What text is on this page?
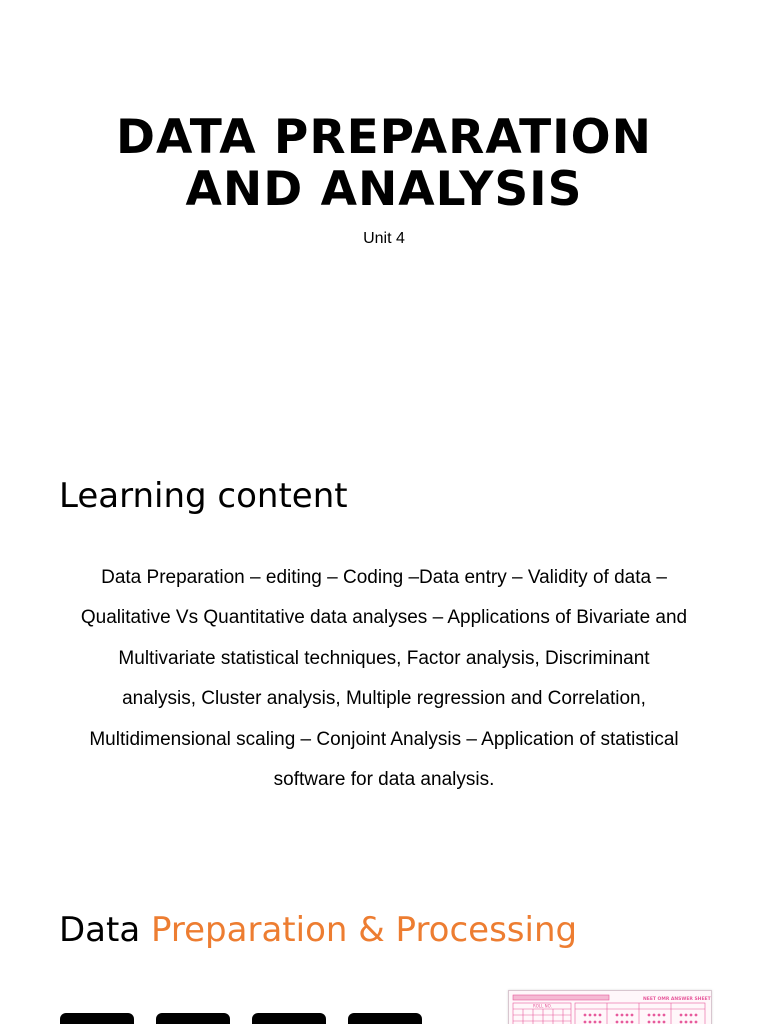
DATA PREPARATION
AND ANALYSIS

Unit 4

Learning content

Data Preparation – editing – Coding –Data entry – Validity of data –
Qualitative Vs Quantitative data analyses – Applications of Bivariate and
Multivariate statistical techniques, Factor analysis, Discriminant
analysis, Cluster analysis, Multiple regression and Correlation,
Multidimensional scaling – Conjoint Analysis – Application of statistical
software for data analysis.

Data Preparation & Processing
NEET OMR ANSWER SHEET
ROLL NO.
